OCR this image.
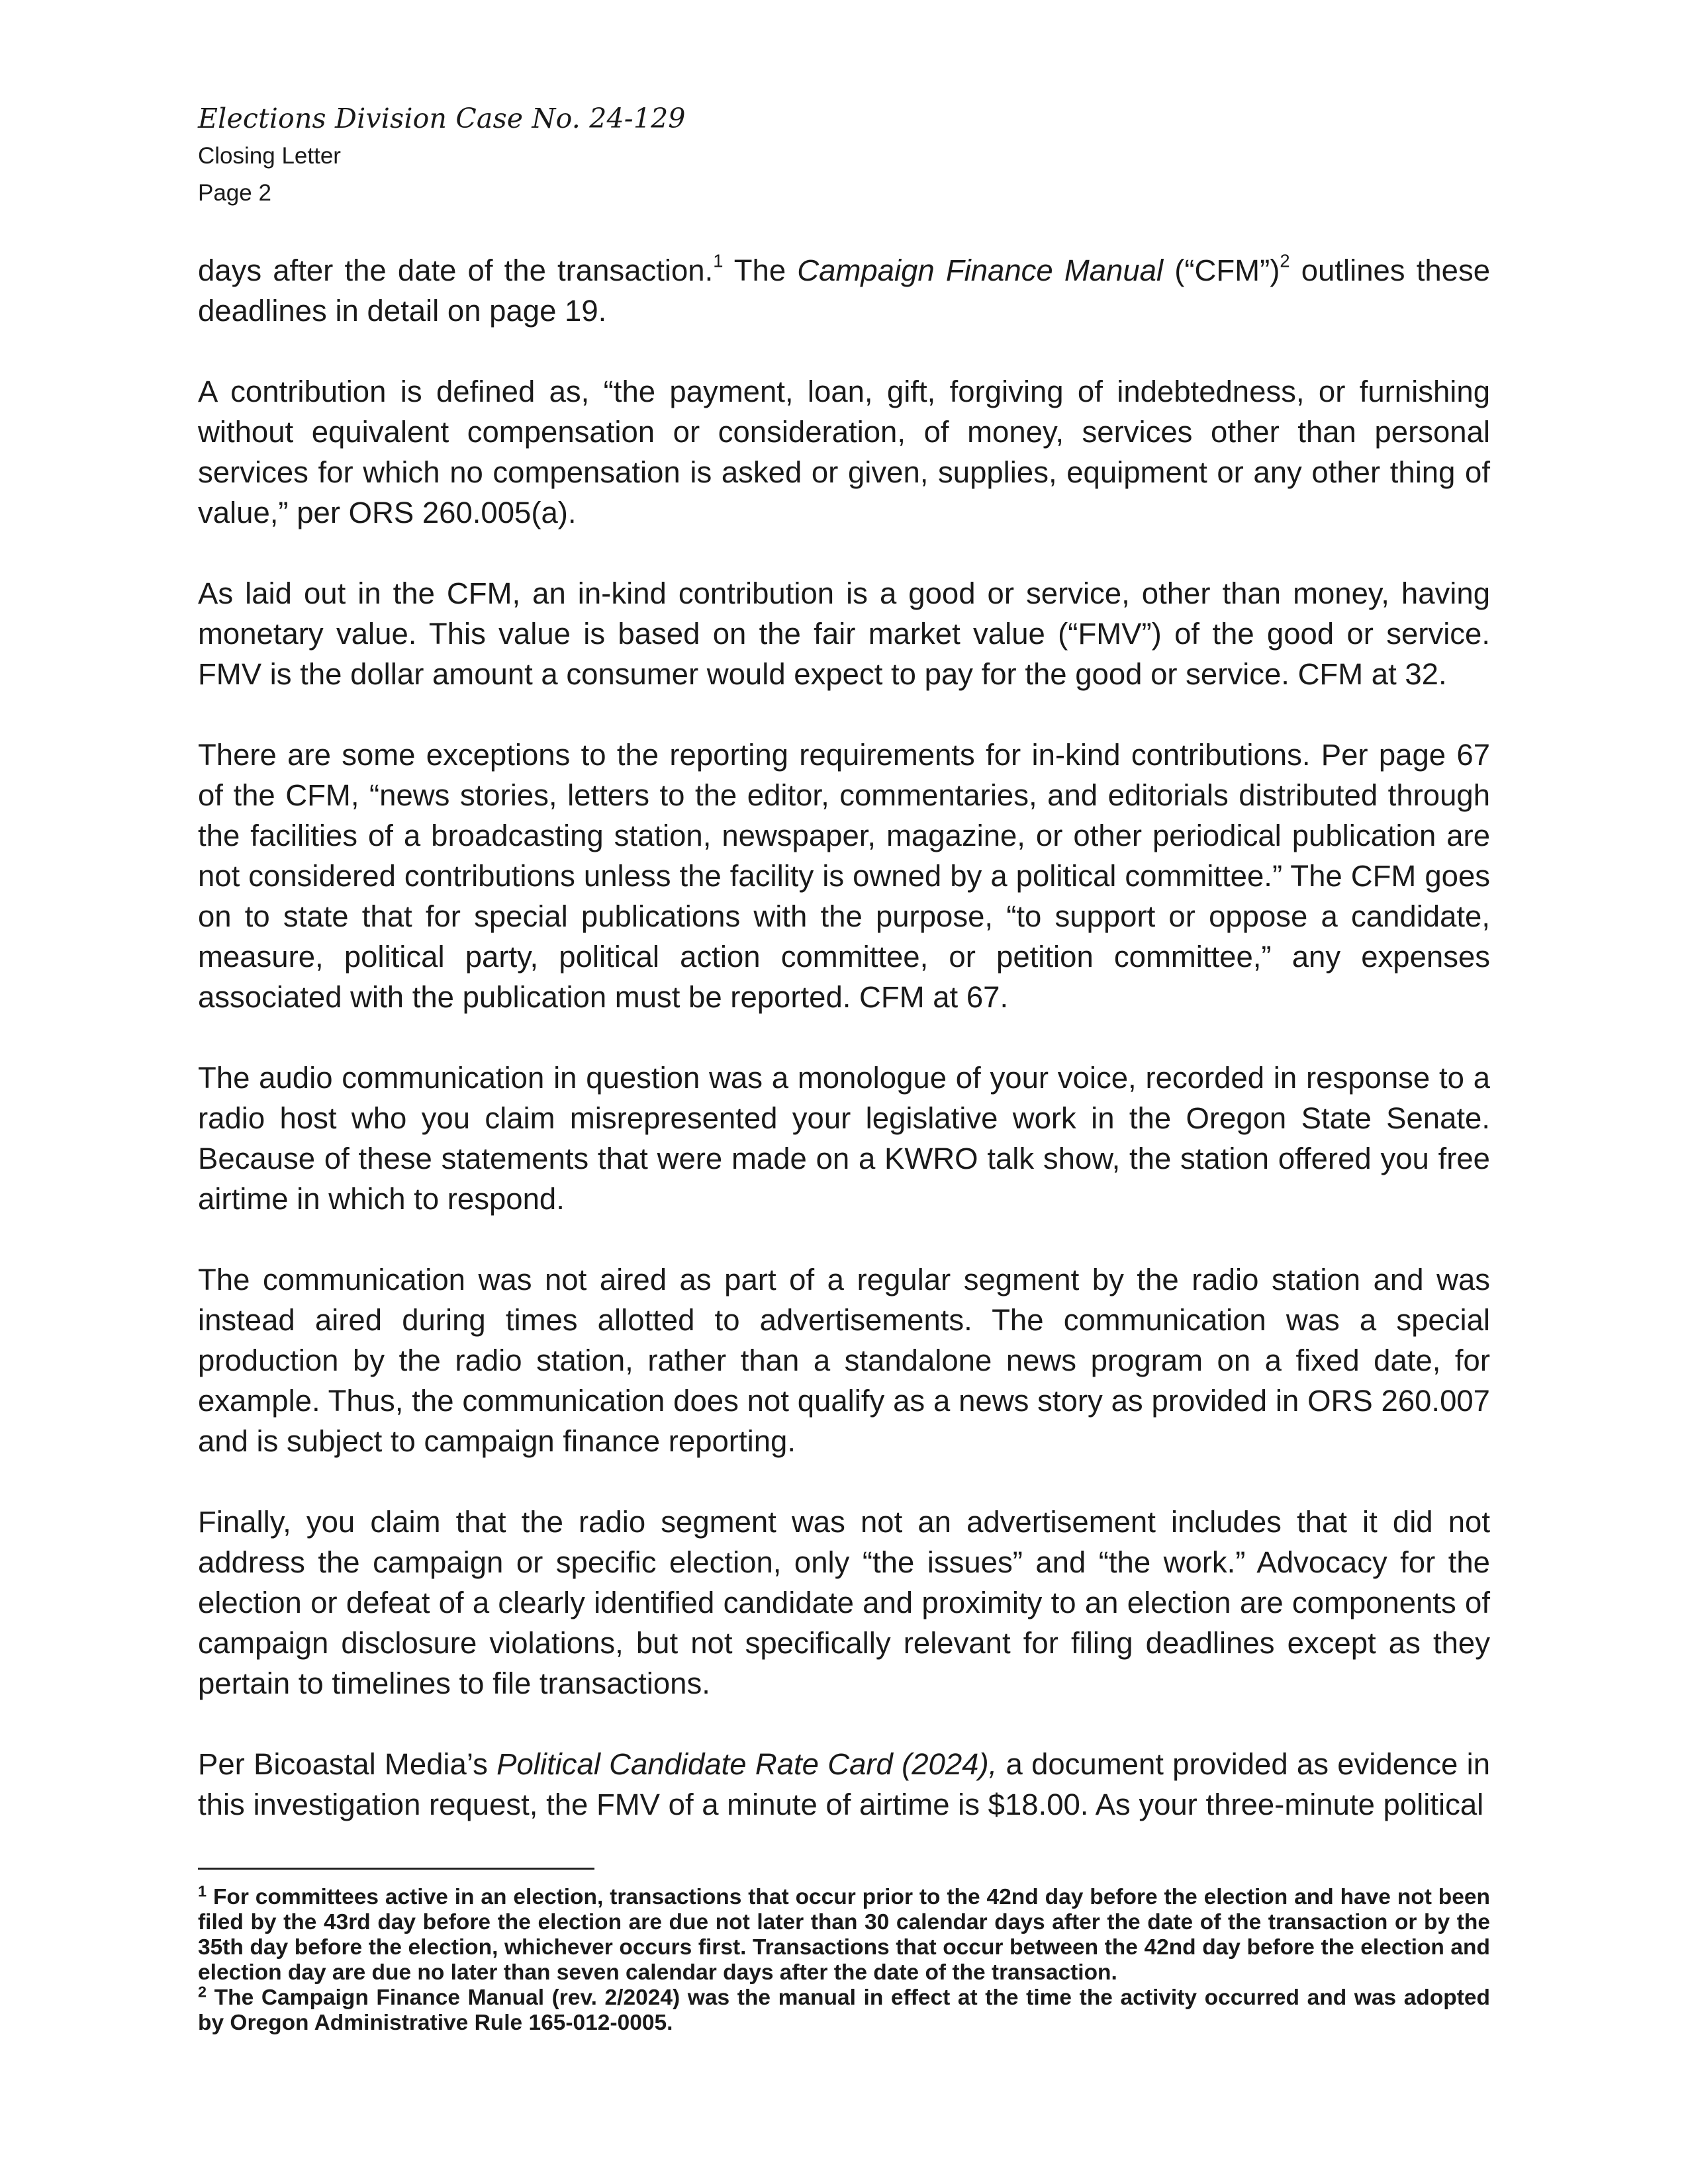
Elections Division Case No. 24-129
Closing Letter
Page 2

days after the date of the transaction.$^1$ The Campaign Finance Manual (“CFM”)$^2$ outlines these deadlines in detail on page 19.

A contribution is defined as, “the payment, loan, gift, forgiving of indebtedness, or furnishing without equivalent compensation or consideration, of money, services other than personal services for which no compensation is asked or given, supplies, equipment or any other thing of value,” per ORS 260.005(a).

As laid out in the CFM, an in-kind contribution is a good or service, other than money, having monetary value. This value is based on the fair market value (“FMV”) of the good or service. FMV is the dollar amount a consumer would expect to pay for the good or service. CFM at 32.

There are some exceptions to the reporting requirements for in-kind contributions. Per page 67 of the CFM, “news stories, letters to the editor, commentaries, and editorials distributed through the facilities of a broadcasting station, newspaper, magazine, or other periodical publication are not considered contributions unless the facility is owned by a political committee.” The CFM goes on to state that for special publications with the purpose, “to support or oppose a candidate, measure, political party, political action committee, or petition committee,” any expenses associated with the publication must be reported. CFM at 67.

The audio communication in question was a monologue of your voice, recorded in response to a radio host who you claim misrepresented your legislative work in the Oregon State Senate. Because of these statements that were made on a KWRO talk show, the station offered you free airtime in which to respond.

The communication was not aired as part of a regular segment by the radio station and was instead aired during times allotted to advertisements. The communication was a special production by the radio station, rather than a standalone news program on a fixed date, for example. Thus, the communication does not qualify as a news story as provided in ORS 260.007 and is subject to campaign finance reporting.

Finally, you claim that the radio segment was not an advertisement includes that it did not address the campaign or specific election, only “the issues” and “the work.” Advocacy for the election or defeat of a clearly identified candidate and proximity to an election are components of campaign disclosure violations, but not specifically relevant for filing deadlines except as they pertain to timelines to file transactions.

Per Bicoastal Media’s Political Candidate Rate Card (2024), a document provided as evidence in this investigation request, the FMV of a minute of airtime is $18.00. As your three-minute political

$^1$ For committees active in an election, transactions that occur prior to the 42nd day before the election and have not been filed by the 43rd day before the election are due not later than 30 calendar days after the date of the transaction or by the 35th day before the election, whichever occurs first. Transactions that occur between the 42nd day before the election and election day are due no later than seven calendar days after the date of the transaction.

$^2$ The Campaign Finance Manual (rev. 2/2024) was the manual in effect at the time the activity occurred and was adopted by Oregon Administrative Rule 165-012-0005.
